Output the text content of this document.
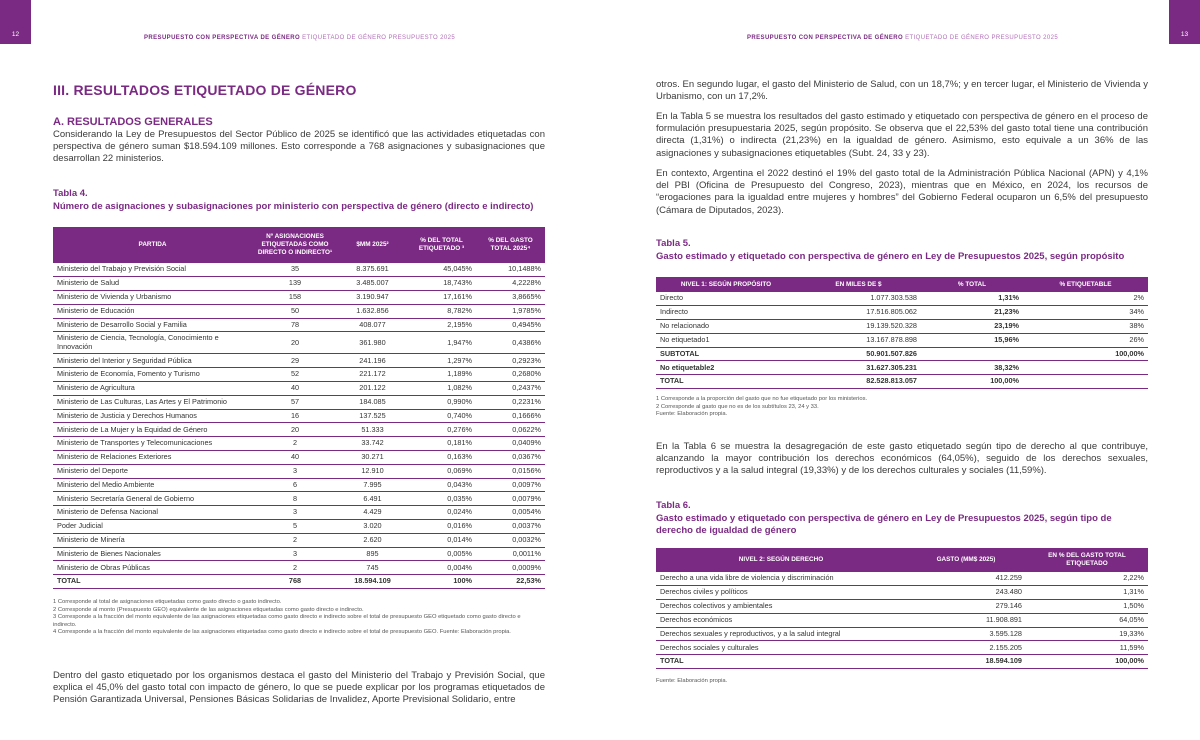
12	13
PRESUPUESTO CON PERSPECTIVA DE GÉNERO ETIQUETADO DE GÉNERO PRESUPUESTO 2025	PRESUPUESTO CON PERSPECTIVA DE GÉNERO ETIQUETADO DE GÉNERO PRESUPUESTO 2025
III. RESULTADOS ETIQUETADO DE GÉNERO
A. RESULTADOS GENERALES
Considerando la Ley de Presupuestos del Sector Público de 2025 se identificó que las actividades etiquetadas con perspectiva de género suman $18.594.109 millones. Esto corresponde a 768 asignaciones y subasignaciones que desarrollan 22 ministerios.
Tabla 4.
Número de asignaciones y subasignaciones por ministerio con perspectiva de género (directo e indirecto)
PARTIDA	Nº ASIGNACIONES ETIQUETADAS COMO DIRECTO O INDIRECTO¹	$MM 2025²	% DEL TOTAL ETIQUETADO ³	% DEL GASTO TOTAL 2025⁴
Ministerio del Trabajo y Previsión Social	35	8.375.691	45,045%	10,1488%
Ministerio de Salud	139	3.485.007	18,743%	4,2228%
Ministerio de Vivienda y Urbanismo	158	3.190.947	17,161%	3,8665%
Ministerio de Educación	50	1.632.856	8,782%	1,9785%
Ministerio de Desarrollo Social y Familia	78	408.077	2,195%	0,4945%
Ministerio de Ciencia, Tecnología, Conocimiento e Innovación	20	361.980	1,947%	0,4386%
Ministerio del Interior y Seguridad Pública	29	241.196	1,297%	0,2923%
Ministerio de Economía, Fomento y Turismo	52	221.172	1,189%	0,2680%
Ministerio de Agricultura	40	201.122	1,082%	0,2437%
Ministerio de Las Culturas, Las Artes y El Patrimonio	57	184.085	0,990%	0,2231%
Ministerio de Justicia y Derechos Humanos	16	137.525	0,740%	0,1666%
Ministerio de La Mujer y la Equidad de Género	20	51.333	0,276%	0,0622%
Ministerio de Transportes y Telecomunicaciones	2	33.742	0,181%	0,0409%
Ministerio de Relaciones Exteriores	40	30.271	0,163%	0,0367%
Ministerio del Deporte	3	12.910	0,069%	0,0156%
Ministerio del Medio Ambiente	6	7.995	0,043%	0,0097%
Ministerio Secretaría General de Gobierno	8	6.491	0,035%	0,0079%
Ministerio de Defensa Nacional	3	4.429	0,024%	0,0054%
Poder Judicial	5	3.020	0,016%	0,0037%
Ministerio de Minería	2	2.620	0,014%	0,0032%
Ministerio de Bienes Nacionales	3	895	0,005%	0,0011%
Ministerio de Obras Públicas	2	745	0,004%	0,0009%
TOTAL	768	18.594.109	100%	22,53%
1 Corresponde al total de asignaciones etiquetadas como gasto directo o gasto indirecto.
2 Corresponde al monto (Presupuesto GEO) equivalente de las asignaciones etiquetadas como gasto directo e indirecto.
3 Corresponde a la fracción del monto equivalente de las asignaciones etiquetadas como gasto directo e indirecto sobre el total de presupuesto GEO etiquetado como gasto directo e indirecto.
4 Corresponde a la fracción del monto equivalente de las asignaciones etiquetadas como gasto directo e indirecto sobre el total de presupuesto GEO. Fuente: Elaboración propia.
Dentro del gasto etiquetado por los organismos destaca el gasto del Ministerio del Trabajo y Previsión Social, que explica el 45,0% del gasto total con impacto de género, lo que se puede explicar por los programas etiquetados de Pensión Garantizada Universal, Pensiones Básicas Solidarias de Invalidez, Aporte Previsional Solidario, entre
otros. En segundo lugar, el gasto del Ministerio de Salud, con un 18,7%; y en tercer lugar, el Ministerio de Vivienda y Urbanismo, con un 17,2%.
En la Tabla 5 se muestra los resultados del gasto estimado y etiquetado con perspectiva de género en el proceso de formulación presupuestaria 2025, según propósito. Se observa que el 22,53% del gasto total tiene una contribución directa (1,31%) o indirecta (21,23%) en la igualdad de género. Asimismo, esto equivale a un 36% de las asignaciones y subasignaciones etiquetables (Subt. 24, 33 y 23).
En contexto, Argentina el 2022 destinó el 19% del gasto total de la Administración Pública Nacional (APN) y 4,1% del PBI (Oficina de Presupuesto del Congreso, 2023), mientras que en México, en 2024, los recursos de “erogaciones para la igualdad entre mujeres y hombres” del Gobierno Federal ocuparon un 6,5% del presupuesto (Cámara de Diputados, 2023).
Tabla 5.
Gasto estimado y etiquetado con perspectiva de género en Ley de Presupuestos 2025, según propósito
NIVEL 1: SEGÚN PROPÓSITO	EN MILES DE $	% TOTAL	% ETIQUETABLE
Directo	1.077.303.538	1,31%	2%
Indirecto	17.516.805.062	21,23%	34%
No relacionado	19.139.520.328	23,19%	38%
No etiquetado1	13.167.878.898	15,96%	26%
SUBTOTAL	50.901.507.826		100,00%
No etiquetable2	31.627.305.231	38,32%	
TOTAL	82.528.813.057	100,00%	
1 Corresponde a la proporción del gasto que no fue etiquetado por los ministerios.
2 Corresponde al gasto que no es de los subtítulos 23, 24 y 33.
Fuente: Elaboración propia.
En la Tabla 6 se muestra la desagregación de este gasto etiquetado según tipo de derecho al que contribuye, alcanzando la mayor contribución los derechos económicos (64,05%), seguido de los derechos sexuales, reproductivos y a la salud integral (19,33%) y de los derechos culturales y sociales (11,59%).
Tabla 6.
Gasto estimado y etiquetado con perspectiva de género en Ley de Presupuestos 2025, según tipo de derecho de igualdad de género
NIVEL 2: SEGÚN DERECHO	GASTO (MM$ 2025)	EN % DEL GASTO TOTAL ETIQUETADO
Derecho a una vida libre de violencia y discriminación	412.259	2,22%
Derechos civiles y políticos	243.480	1,31%
Derechos colectivos y ambientales	279.146	1,50%
Derechos económicos	11.908.891	64,05%
Derechos sexuales y reproductivos, y a la salud integral	3.595.128	19,33%
Derechos sociales y culturales	2.155.205	11,59%
TOTAL	18.594.109	100,00%
Fuente: Elaboración propia.
